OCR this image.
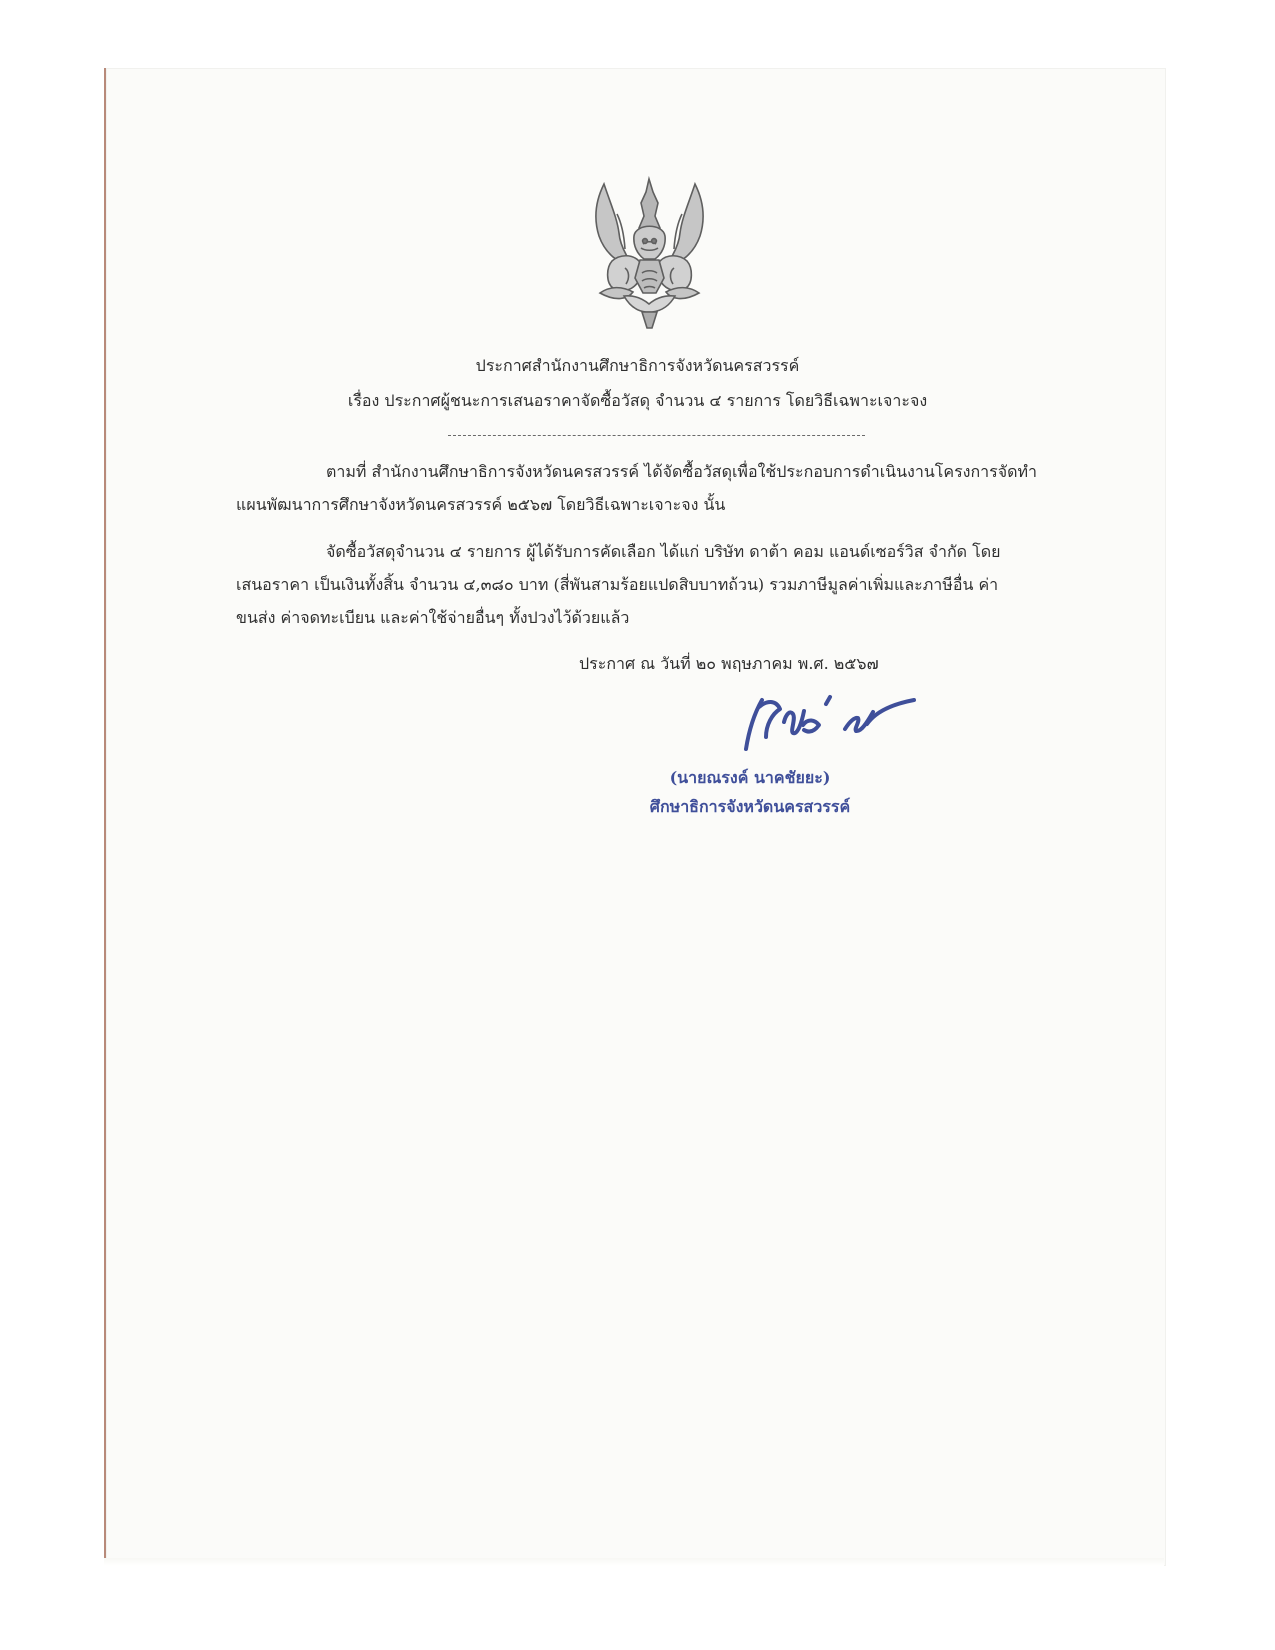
ประกาศสำนักงานศึกษาธิการจังหวัดนครสวรรค์
เรื่อง ประกาศผู้ชนะการเสนอราคาจัดซื้อวัสดุ จำนวน ๔ รายการ โดยวิธีเฉพาะเจาะจง
ตามที่ สำนักงานศึกษาธิการจังหวัดนครสวรรค์ ได้จัดซื้อวัสดุเพื่อใช้ประกอบการดำเนินงานโครงการจัดทำ
แผนพัฒนาการศึกษาจังหวัดนครสวรรค์ ๒๕๖๗ โดยวิธีเฉพาะเจาะจง นั้น
จัดซื้อวัสดุจำนวน ๔ รายการ ผู้ได้รับการคัดเลือก ได้แก่ บริษัท ดาต้า คอม แอนด์เซอร์วิส จำกัด โดย
เสนอราคา เป็นเงินทั้งสิ้น จำนวน ๔,๓๘๐ บาท (สี่พันสามร้อยแปดสิบบาทถ้วน) รวมภาษีมูลค่าเพิ่มและภาษีอื่น ค่า
ขนส่ง ค่าจดทะเบียน และค่าใช้จ่ายอื่นๆ ทั้งปวงไว้ด้วยแล้ว
ประกาศ ณ วันที่ ๒๐ พฤษภาคม พ.ศ. ๒๕๖๗
(นายณรงค์ นาคชัยยะ)
ศึกษาธิการจังหวัดนครสวรรค์
